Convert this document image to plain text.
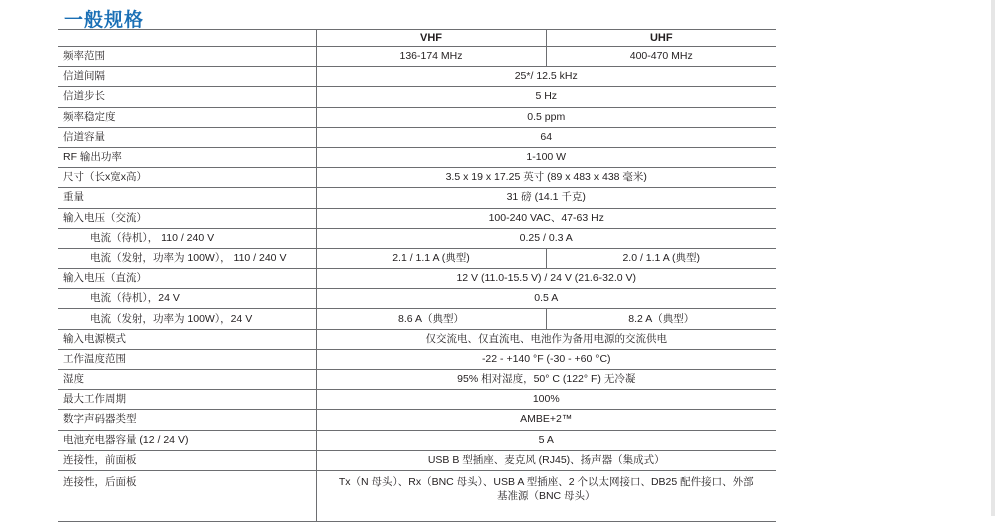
一般规格
	VHF	UHF
频率范围	136-174 MHz	400-470 MHz
信道间隔	25*/ 12.5 kHz	
信道步长	5 Hz	
频率稳定度	0.5 ppm	
信道容量	64	
RF 输出功率	1-100 W	
尺寸（长x宽x高）	3.5 x 19 x 17.25 英寸 (89 x 483 x 438 毫米)	
重量	31 磅 (14.1 千克)	
输入电压（交流）	100-240 VAC、47-63 Hz	
电流（待机）， 110 / 240 V	0.25 / 0.3 A	
电流（发射，功率为 100W）， 110 / 240 V	2.1 / 1.1 A (典型)	2.0 / 1.1 A (典型)
输入电压（直流）	12 V (11.0-15.5 V) / 24 V (21.6-32.0 V)	
电流（待机），24 V	0.5 A	
电流（发射，功率为 100W），24 V	8.6 A（典型）	8.2 A（典型）
输入电源模式	仅交流电、仅直流电、电池作为备用电源的交流供电	
工作温度范围	-22 - +140 °F (-30 - +60 °C)	
湿度	95% 相对湿度，50° C (122° F) 无冷凝	
最大工作周期	100%	
数字声码器类型	AMBE+2™	
电池充电器容量 (12 / 24 V)	5 A	
连接性，前面板	USB B 型插座、麦克风 (RJ45)、扬声器（集成式）	
连接性，后面板	Tx（N 母头）、Rx（BNC 母头）、USB A 型插座、2 个以太网接口、DB25 配件接口、外部基准源（BNC 母头）	
